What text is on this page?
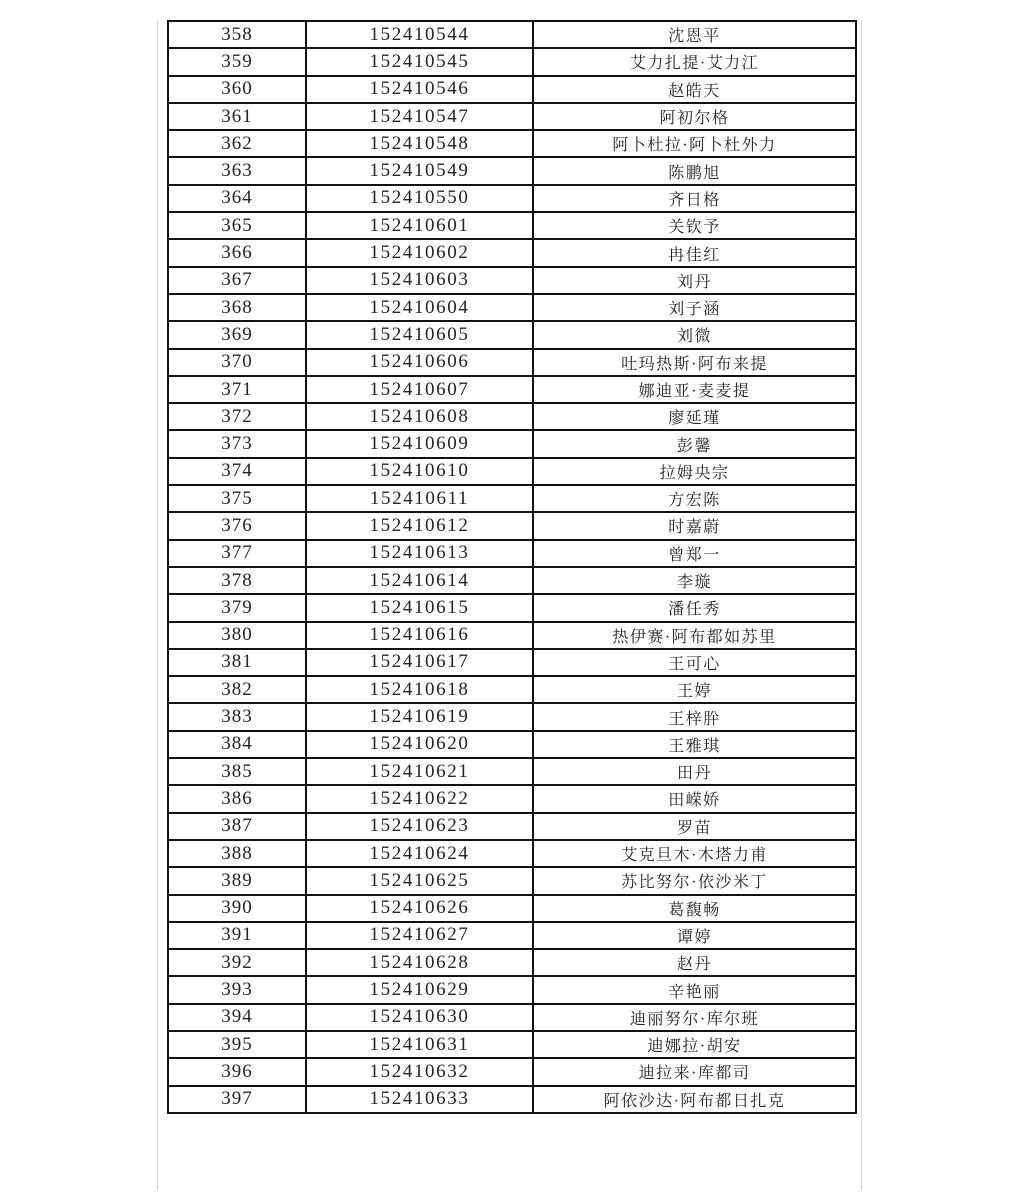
358	152410544	沈恩平
359	152410545	艾力扎提·艾力江
360	152410546	赵皓天
361	152410547	阿初尔格
362	152410548	阿卜杜拉·阿卜杜外力
363	152410549	陈鹏旭
364	152410550	齐日格
365	152410601	关钦予
366	152410602	冉佳红
367	152410603	刘丹
368	152410604	刘子涵
369	152410605	刘微
370	152410606	吐玛热斯·阿布来提
371	152410607	娜迪亚·麦麦提
372	152410608	廖延瑾
373	152410609	彭馨
374	152410610	拉姆央宗
375	152410611	方宏陈
376	152410612	时嘉蔚
377	152410613	曾郑一
378	152410614	李璇
379	152410615	潘任秀
380	152410616	热伊赛·阿布都如苏里
381	152410617	王可心
382	152410618	王婷
383	152410619	王梓肸
384	152410620	王雅琪
385	152410621	田丹
386	152410622	田嵘娇
387	152410623	罗苗
388	152410624	艾克旦木·木塔力甫
389	152410625	苏比努尔·依沙米丁
390	152410626	葛馥畅
391	152410627	谭婷
392	152410628	赵丹
393	152410629	辛艳丽
394	152410630	迪丽努尔·库尔班
395	152410631	迪娜拉·胡安
396	152410632	迪拉来·库都司
397	152410633	阿依沙达·阿布都日扎克
